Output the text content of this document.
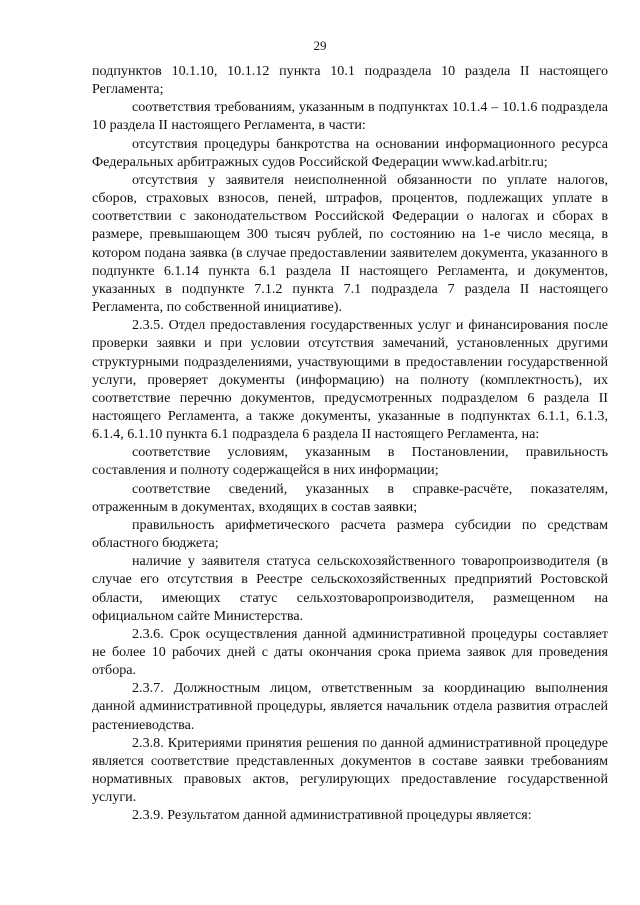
29

подпунктов 10.1.10, 10.1.12 пункта 10.1 подраздела 10 раздела II настоящего Регламента;

соответствия требованиям, указанным в подпунктах 10.1.4 – 10.1.6 подраздела 10 раздела II настоящего Регламента, в части:

отсутствия процедуры банкротства на основании информационного ресурса Федеральных арбитражных судов Российской Федерации www.kad.arbitr.ru;

отсутствия у заявителя неисполненной обязанности по уплате налогов, сборов, страховых взносов, пеней, штрафов, процентов, подлежащих уплате в соответствии с законодательством Российской Федерации о налогах и сборах в размере, превышающем 300 тысяч рублей, по состоянию на 1-е число месяца, в котором подана заявка (в случае предоставлении заявителем документа, указанного в подпункте 6.1.14 пункта 6.1 раздела II настоящего Регламента, и документов, указанных в подпункте 7.1.2 пункта 7.1 подраздела 7 раздела II настоящего Регламента, по собственной инициативе).

2.3.5. Отдел предоставления государственных услуг и финансирования после проверки заявки и при условии отсутствия замечаний, установленных другими структурными подразделениями, участвующими в предоставлении государственной услуги, проверяет документы (информацию) на полноту (комплектность), их соответствие перечню документов, предусмотренных подразделом 6 раздела II настоящего Регламента, а также документы, указанные в подпунктах 6.1.1, 6.1.3, 6.1.4, 6.1.10 пункта 6.1 подраздела 6 раздела II настоящего Регламента, на:

соответствие условиям, указанным в Постановлении, правильность составления и полноту содержащейся в них информации;

соответствие сведений, указанных в справке-расчёте, показателям, отраженным в документах, входящих в состав заявки;

правильность арифметического расчета размера субсидии по средствам областного бюджета;

наличие у заявителя статуса сельскохозяйственного товаропроизводителя (в случае его отсутствия в Реестре сельскохозяйственных предприятий Ростовской области, имеющих статус сельхозтоваропроизводителя, размещенном на официальном сайте Министерства.

2.3.6. Срок осуществления данной административной процедуры составляет не более 10 рабочих дней с даты окончания срока приема заявок для проведения отбора.

2.3.7. Должностным лицом, ответственным за координацию выполнения данной административной процедуры, является начальник отдела развития отраслей растениеводства.

2.3.8. Критериями принятия решения по данной административной процедуре является соответствие представленных документов в составе заявки требованиям нормативных правовых актов, регулирующих предоставление государственной услуги.

2.3.9. Результатом данной административной процедуры является:
